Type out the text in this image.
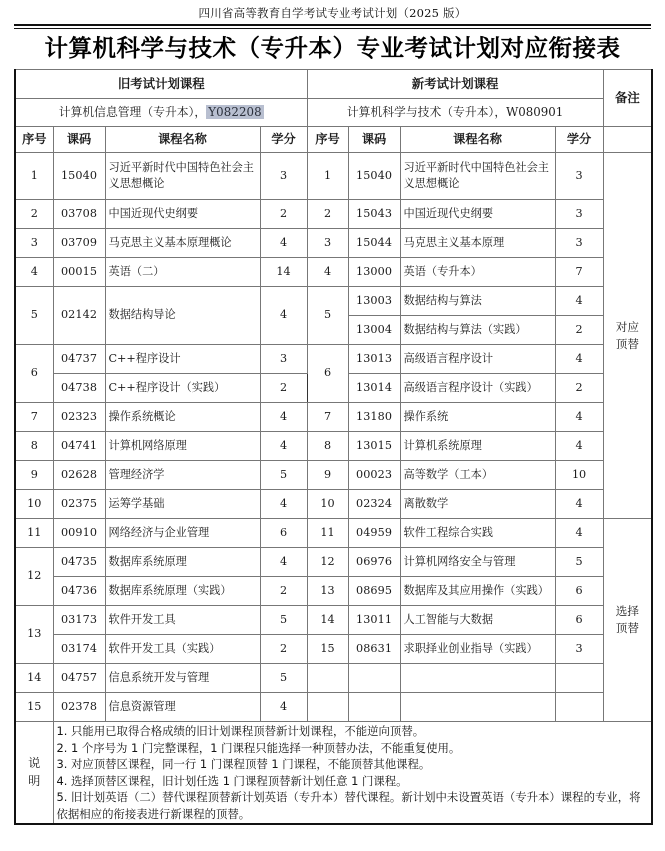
四川省高等教育自学考试专业考试计划（2025 版）
计算机科学与技术（专升本）专业考试计划对应衔接表
旧考试计划课程				新考试计划课程				备注
计算机信息管理（专升本）， Y082208				计算机科学与技术（专升本），W080901				
序号	课码	课程名称	学分	序号	课码	课程名称	学分	
1	15040	习近平新时代中国特色社会主义思想概论	3	1	15040	习近平新时代中国特色社会主义思想概论	3	对应
顶替
2	03708	中国近现代史纲要	2	2	15043	中国近现代史纲要	3	
3	03709	马克思主义基本原理概论	4	3	15044	马克思主义基本原理	3	
4	00015	英语（二）	14	4	13000	英语（专升本）	7	
5	02142	数据结构导论	4	5	13003	数据结构与算法	4	
					13004	数据结构与算法（实践）	2	
6	04737	C++程序设计	3	6	13013	高级语言程序设计	4	
	04738	C++程序设计（实践）	2		13014	高级语言程序设计（实践）	2	
7	02323	操作系统概论	4	7	13180	操作系统	4	
8	04741	计算机网络原理	4	8	13015	计算机系统原理	4	
9	02628	管理经济学	5	9	00023	高等数学（工本）	10	
10	02375	运筹学基础	4	10	02324	离散数学	4	
11	00910	网络经济与企业管理	6	11	04959	软件工程综合实践	4	选择
顶替
12	04735	数据库系统原理	4	12	06976	计算机网络安全与管理	5	
	04736	数据库系统原理（实践）	2	13	08695	数据库及其应用操作（实践）	6	
13	03173	软件开发工具	5	14	13011	人工智能与大数据	6	
	03174	软件开发工具（实践）	2	15	08631	求职择业创业指导（实践）	3	
14	04757	信息系统开发与管理	5					
15	02378	信息资源管理	4					
说
明	

1. 只能用已取得合格成绩的旧计划课程顶替新计划课程，不能逆向顶替。

2. 1 个序号为 1 门完整课程，1 门课程只能选择一种顶替办法，不能重复使用。

3. 对应顶替区课程，同一行 1 门课程顶替 1 门课程，不能顶替其他课程。

4. 选择顶替区课程，旧计划任选 1 门课程顶替新计划任意 1 门课程。

5. 旧计划英语（二）替代课程顶替新计划英语（专升本）替代课程。新计划中未设置英语（专升本）课程的专业，将依据相应的衔接表进行新课程的顶替。
